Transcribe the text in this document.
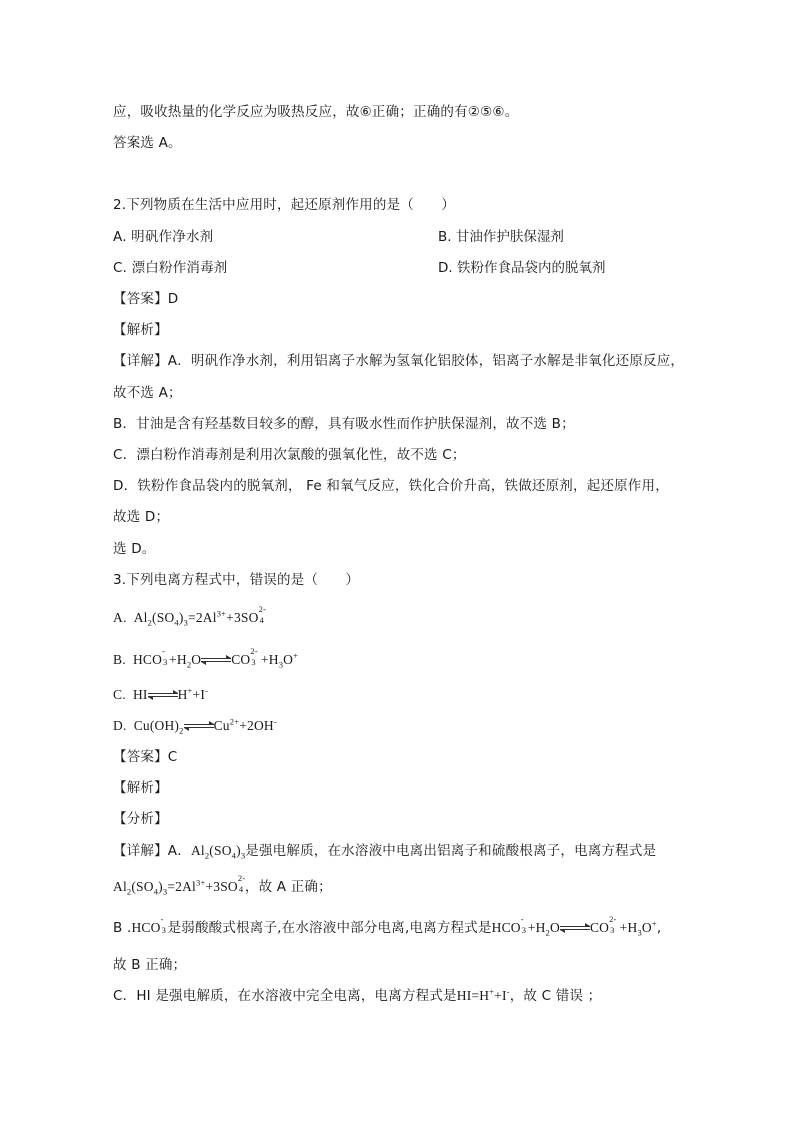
应，吸收热量的化学反应为吸热反应，故⑥正确；正确的有②⑤⑥。
答案选 A。
2.下列物质在生活中应用时，起还原剂作用的是（　　）
A. 明矾作净水剂	B. 甘油作护肤保湿剂
C. 漂白粉作消毒剂	D. 铁粉作食品袋内的脱氧剂
【答案】D
【解析】
【详解】A．明矾作净水剂，利用铝离子水解为氢氧化铝胶体，铝离子水解是非氧化还原反应，
故不选 A；
B．甘油是含有羟基数目较多的醇，具有吸水性而作护肤保湿剂，故不选 B；
C．漂白粉作消毒剂是利用次氯酸的强氧化性，故不选 C；
D．铁粉作食品袋内的脱氧剂， Fe 和氧气反应，铁化合价升高，铁做还原剂，起还原作用，
故选 D；
选 D。
3.下列电离方程式中，错误的是（　　）
A. $Al_2(SO_4)_3=2Al^{3+}+3SO$
2-
4
B. HCO
-
$3 +H_2O$ CO
2-
$3 +H_3O^+$
C. HI H++I-
D. $Cu(OH)_2$ $Cu^{2+}+2OH^-$
【答案】C
【解析】
【分析】
【详解】A．$Al_2(SO_4)_3$是强电解质，在水溶液中电离出铝离子和硫酸根离子，电离方程式是
$Al_2(SO_4)_3=2Al^{3+}+3SO$
2-
4 ，故 A 正确；
B .HCO
-
3 是弱酸酸式根离子,在水溶液中部分电离,电离方程式是HCO
-
$3 +H_2O$ CO
2-
$3 +H_3O^+$,
故 B 正确；
C．HI 是强电解质，在水溶液中完全电离，电离方程式是HI=H++I-，故 C 错误 ；
